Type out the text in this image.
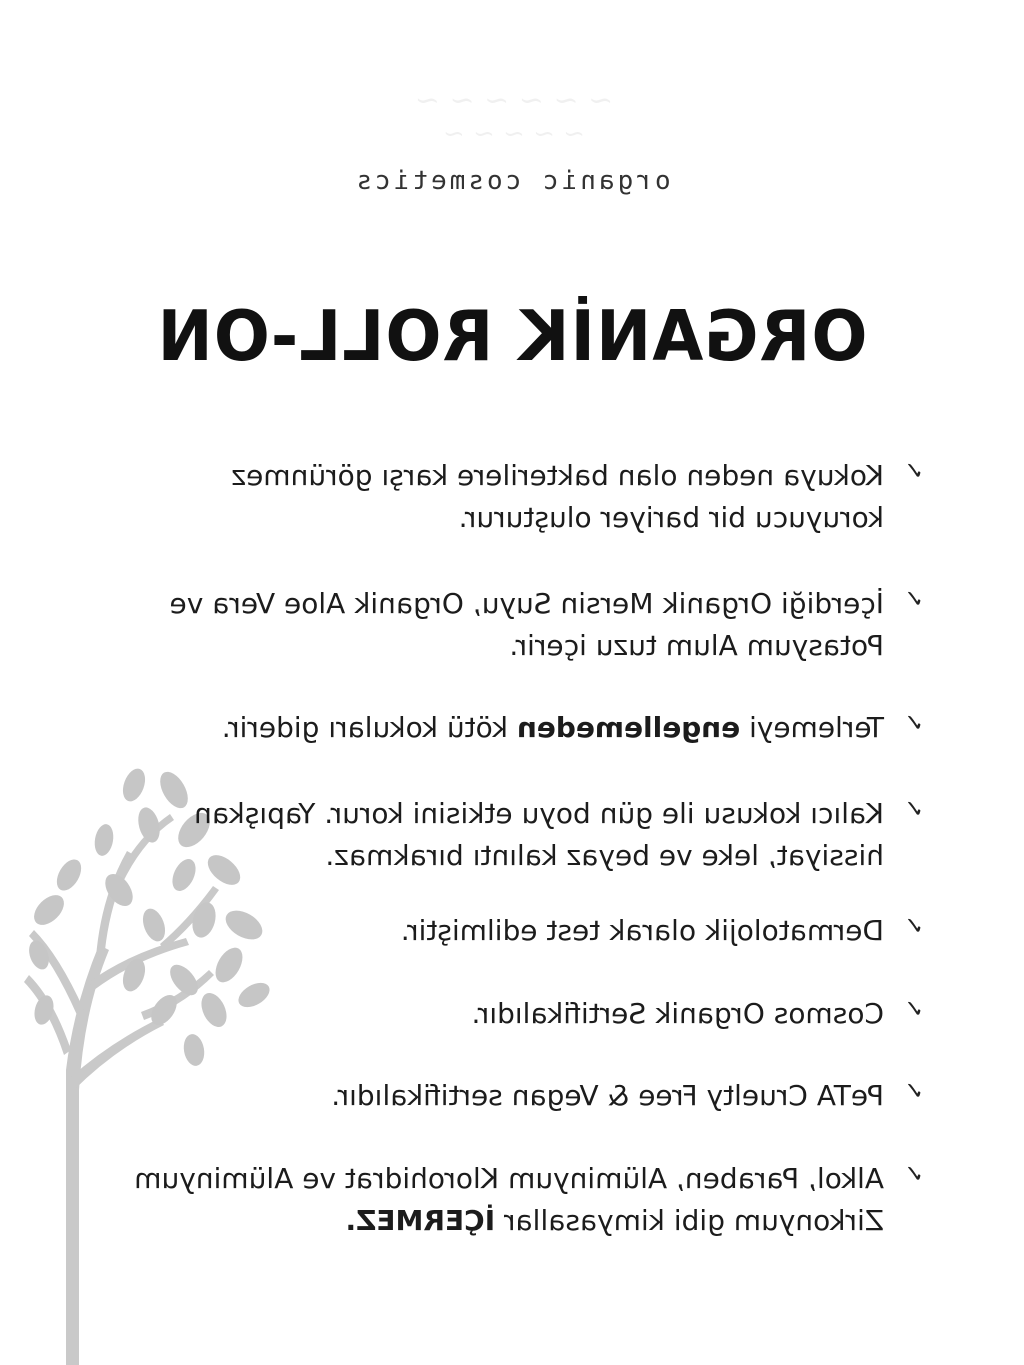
~ ~ ~ ~ ~ ~
~ ~ ~ ~ ~
organic cosmetics
ORGANİK ROLL-ON
✓
Kokuya neden olan bakterilere karşı görünmez koruyucu bir bariyer oluşturur.
✓
İçerdiği Organik Mersin Suyu, Organik Aloe Vera ve Potasyum Alum tuzu içerir.
✓
Terlemeyi engellemeden kötü kokuları giderir.
✓
Kalıcı kokusu ile gün boyu etkisini korur. Yapışkan hissiyat, leke ve beyaz kalıntı bırakmaz.
✓
Dermatolojik olarak test edilmiştir.
✓
Cosmos Organik Sertifikalıdır.
✓
PeTA Cruelty Free & Vegan sertifikalıdır.
✓
Alkol, Paraben, Alüminyum Klorohidrat ve Alüminyum Zirkonyum gibi kimyasallar İÇERMEZ.
